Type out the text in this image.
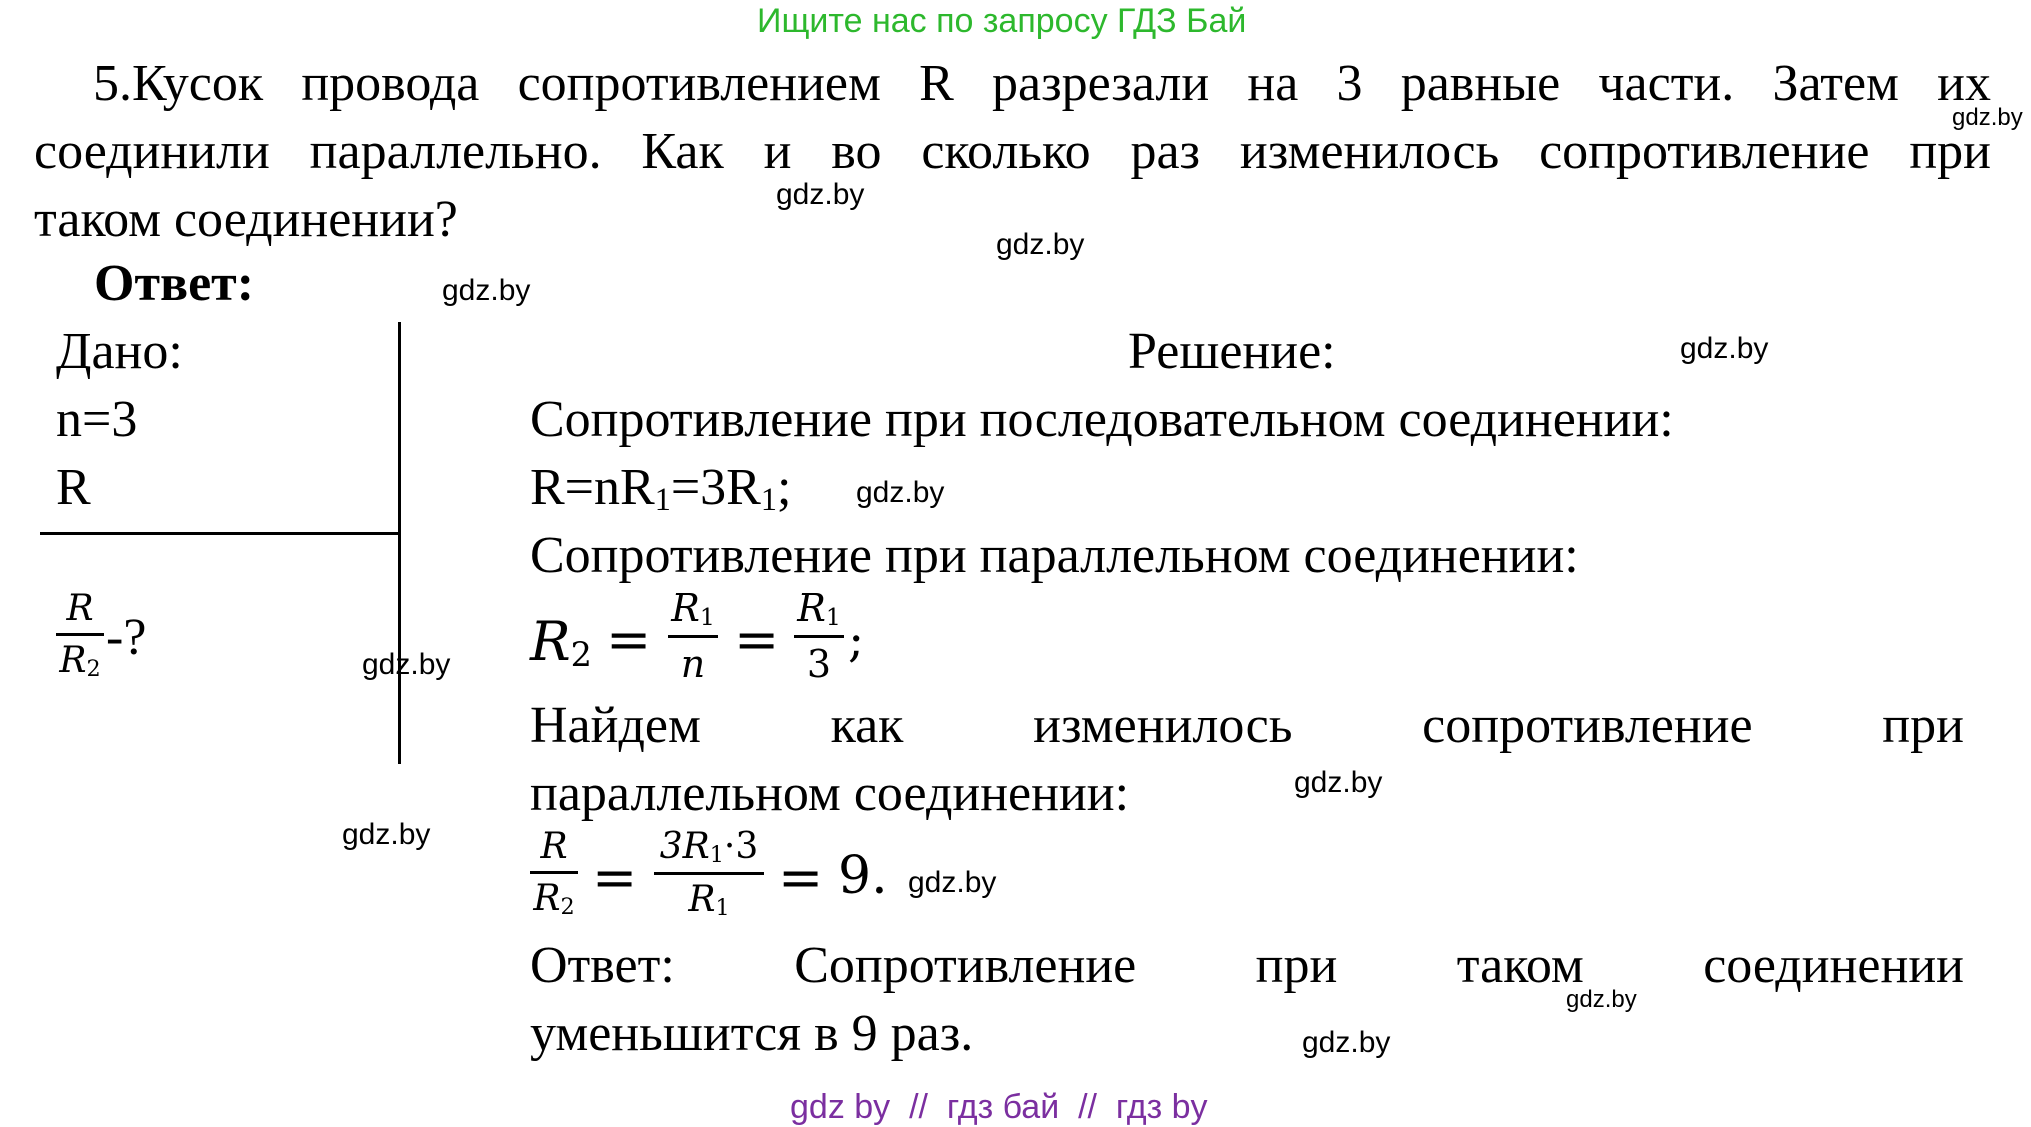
Ищите нас по запросу ГДЗ Бай
5.Кусок провода сопротивлением R разрезали на 3 равные части. Затем их
соединили параллельно. Как и во сколько раз изменилось сопротивление при
таком соединении?
Ответ:
Дано:
n=3
R
R
R2
-?
Решение:
Сопротивление при последовательном соединении:
R=nR1=3R1;
Сопротивление при параллельном соединении:
R2 = R1
n = R1
3 ;
Найдем как изменилось сопротивление при
параллельном соединении:
R
R2 = 3R1·3
R1 = 9.
Ответ: Сопротивление при таком соединении
уменьшится в 9 раз.
gdz.by
gdz.by
gdz.by
gdz.by
gdz.by
gdz.by
gdz.by
gdz.by
gdz.by
gdz.by
gdz.by
gdz.by
gdz by  //  гдз бай  //  гдз by
